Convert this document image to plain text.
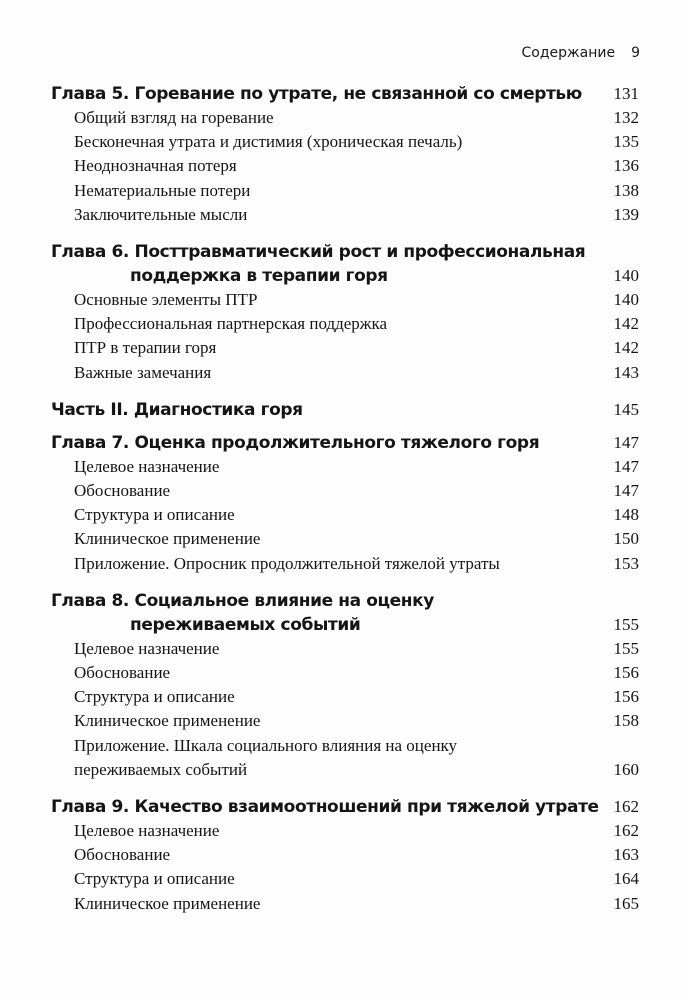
Содержание 9
Глава 5. Горевание по утрате, не связанной со смертью	131
Общий взгляд на горевание	132
Бесконечная утрата и дистимия (хроническая печаль)	135
Неоднозначная потеря	136
Нематериальные потери	138
Заключительные мысли	139
Глава 6. Посттравматический рост и профессиональная
поддержка в терапии горя	140
Основные элементы ПТР	140
Профессиональная партнерская поддержка	142
ПТР в терапии горя	142
Важные замечания	143
Часть II. Диагностика горя	145
Глава 7. Оценка продолжительного тяжелого горя	147
Целевое назначение	147
Обоснование	147
Структура и описание	148
Клиническое применение	150
Приложение. Опросник продолжительной тяжелой утраты	153
Глава 8. Социальное влияние на оценку
переживаемых событий	155
Целевое назначение	155
Обоснование	156
Структура и описание	156
Клиническое применение	158
Приложение. Шкала социального влияния на оценку
переживаемых событий	160
Глава 9. Качество взаимоотношений при тяжелой утрате 162
Целевое назначение	162
Обоснование	163
Структура и описание	164
Клиническое применение	165
